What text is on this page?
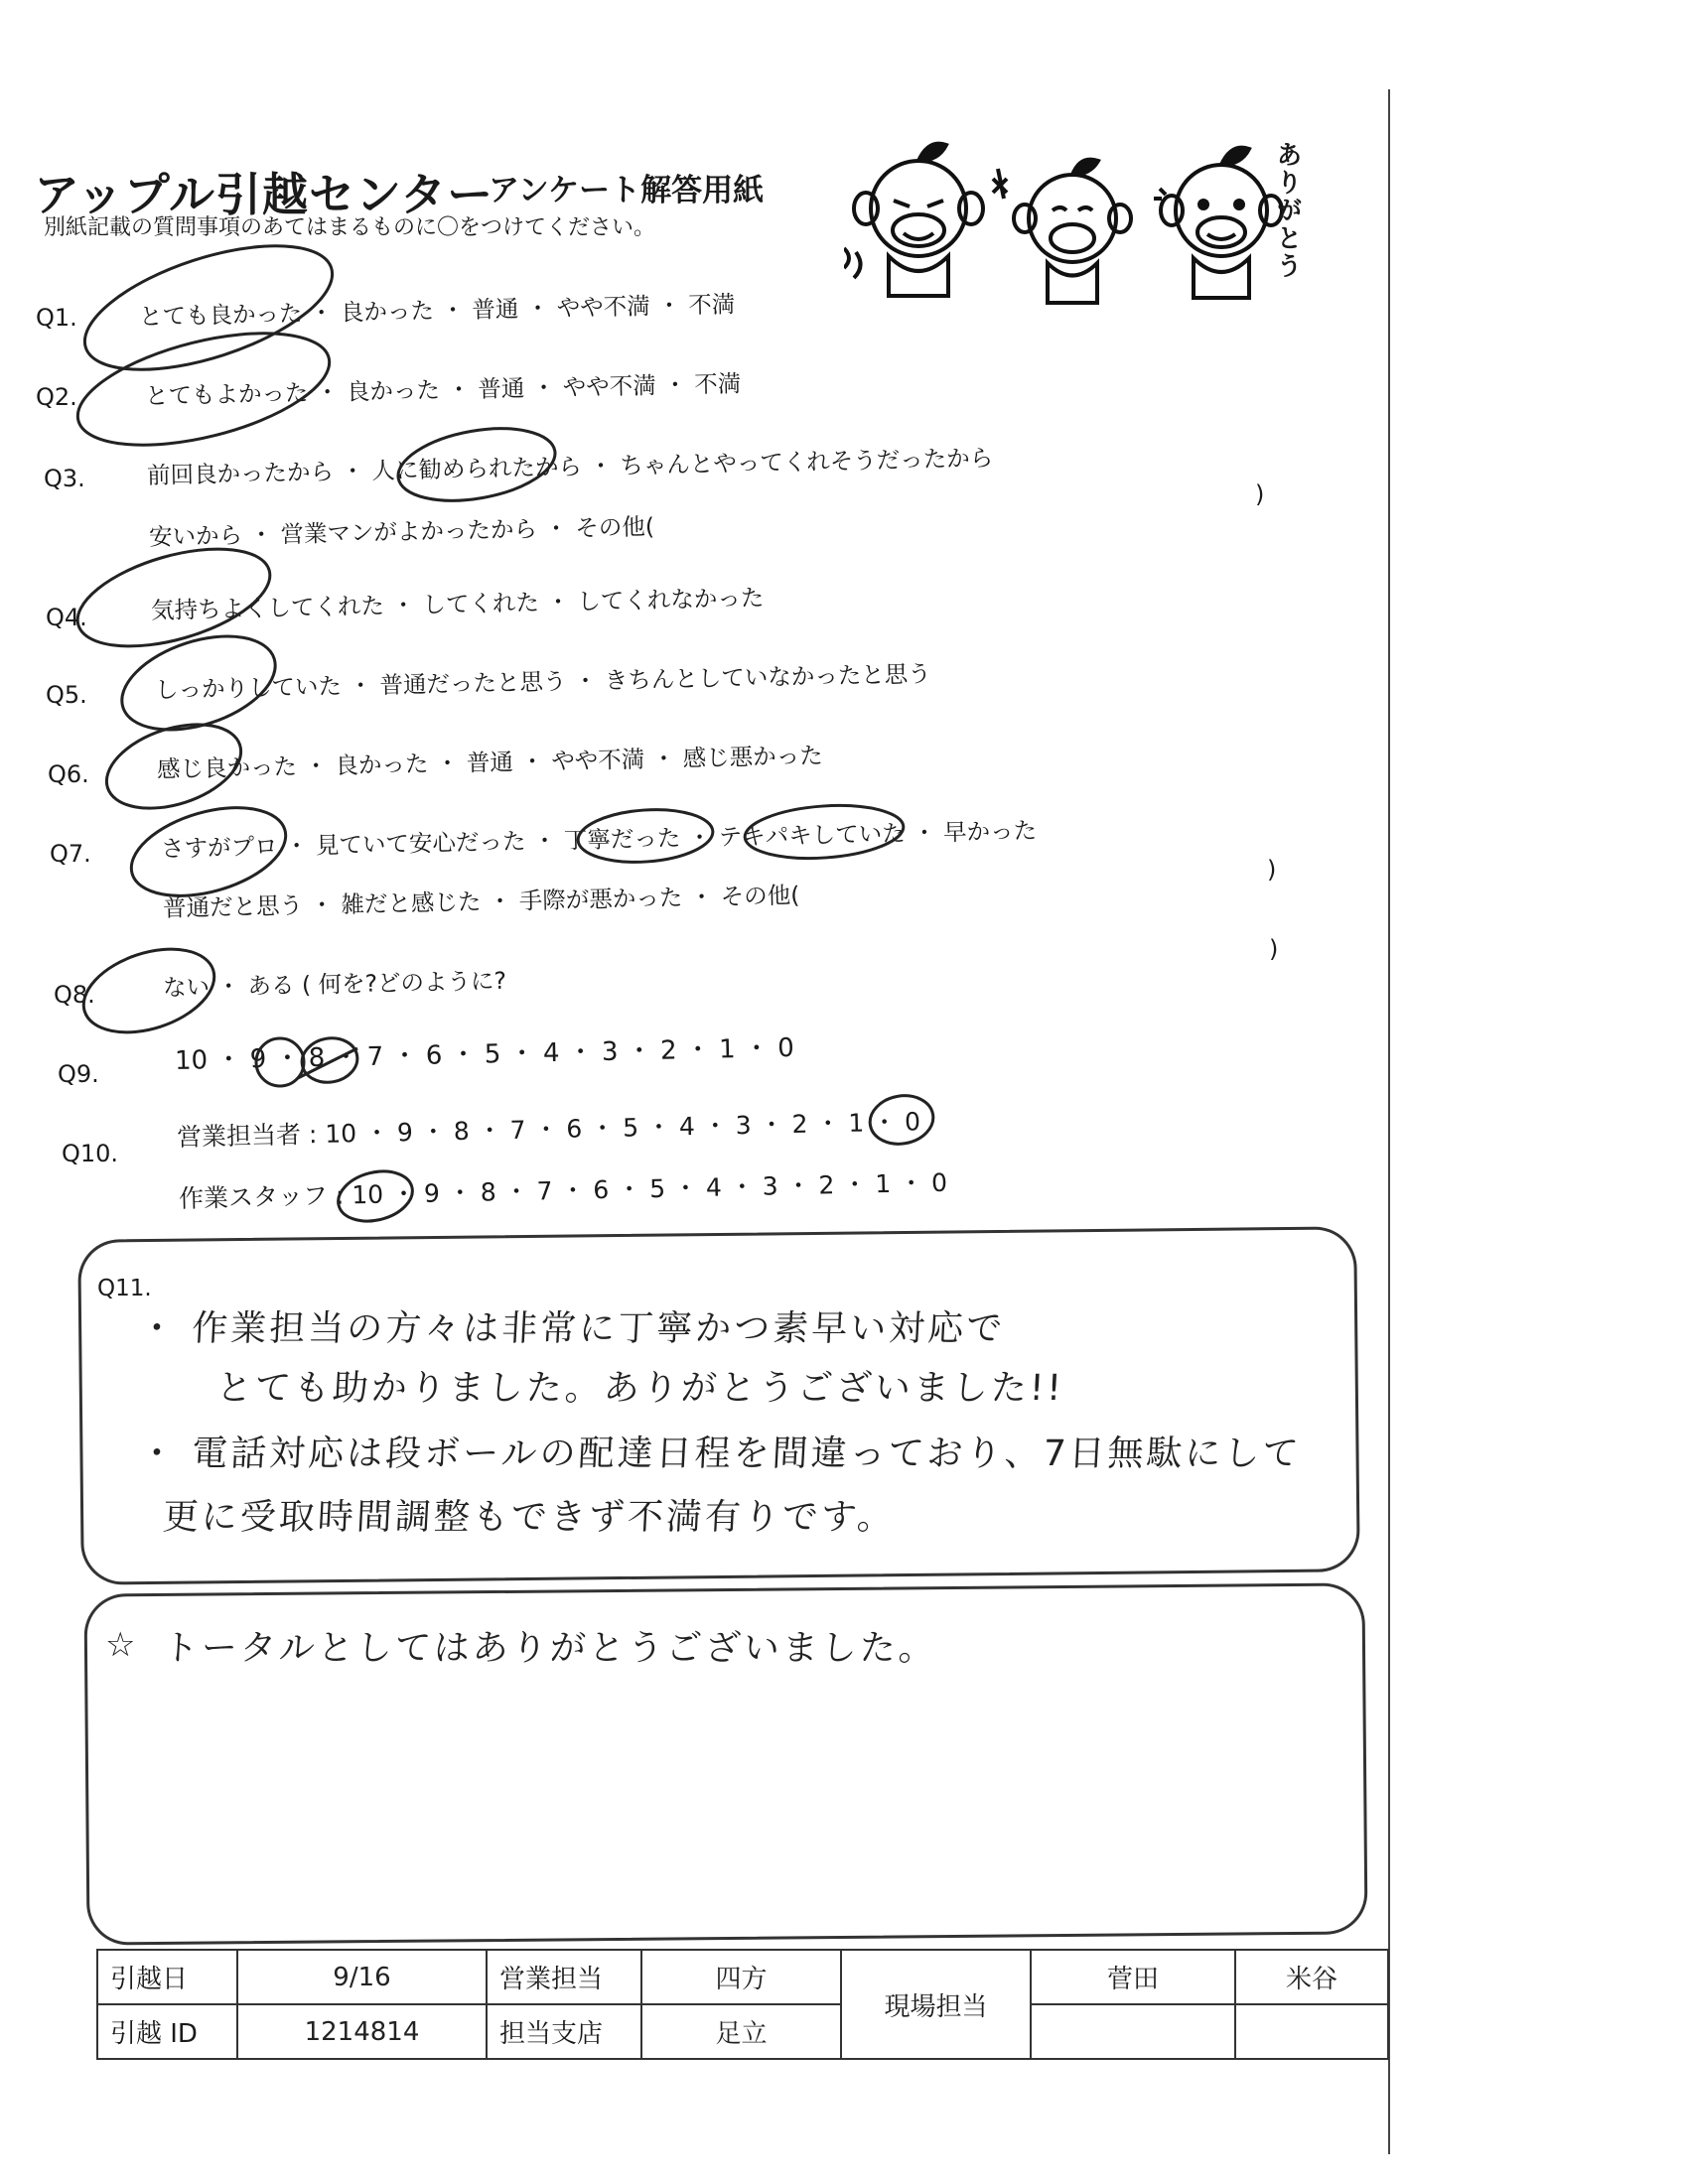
アップル引越センター
アンケート解答用紙
別紙記載の質問事項のあてはまるものに〇をつけてください。	ありがとう
Q1.	とても良かった ・ 良かった ・ 普通 ・ やや不満 ・ 不満
Q2.	とてもよかった ・ 良かった ・ 普通 ・ やや不満 ・ 不満
Q3.	前回良かったから ・ 人に勧められたから ・ ちゃんとやってくれそうだったから
安いから ・ 営業マンがよかったから ・ その他(
)
Q4.	気持ちよくしてくれた ・ してくれた ・ してくれなかった
Q5.	しっかりしていた ・ 普通だったと思う ・ きちんとしていなかったと思う
Q6.	感じ良かった ・ 良かった ・ 普通 ・ やや不満 ・ 感じ悪かった
Q7.	さすがプロ ・ 見ていて安心だった ・ 丁寧だった ・ テキパキしていた ・ 早かった
普通だと思う ・ 雑だと感じた ・ 手際が悪かった ・ その他(
)
Q8.	ない ・ ある ( 何を?どのように?
)
Q9.	10 ・ 9 ・ 8 ・ 7 ・ 6 ・ 5 ・ 4 ・ 3 ・ 2 ・ 1 ・ 0
Q10.
営業担当者 : 10 ・ 9 ・ 8 ・ 7 ・ 6 ・ 5 ・ 4 ・ 3 ・ 2 ・ 1 ・ 0
作業スタッフ : 10 ・ 9 ・ 8 ・ 7 ・ 6 ・ 5 ・ 4 ・ 3 ・ 2 ・ 1 ・ 0
Q11.
・ 作業担当の方々は非常に丁寧かつ素早い対応で
とても助かりました。ありがとうございました!!
・ 電話対応は段ボールの配達日程を間違っており、7日無駄にして
更に受取時間調整もできず不満有りです。
☆ トータルとしてはありがとうございました。
引越日	9/16	営業担当	四方	現場担当	菅田	米谷
引越 ID	1214814	担当支店	足立			
